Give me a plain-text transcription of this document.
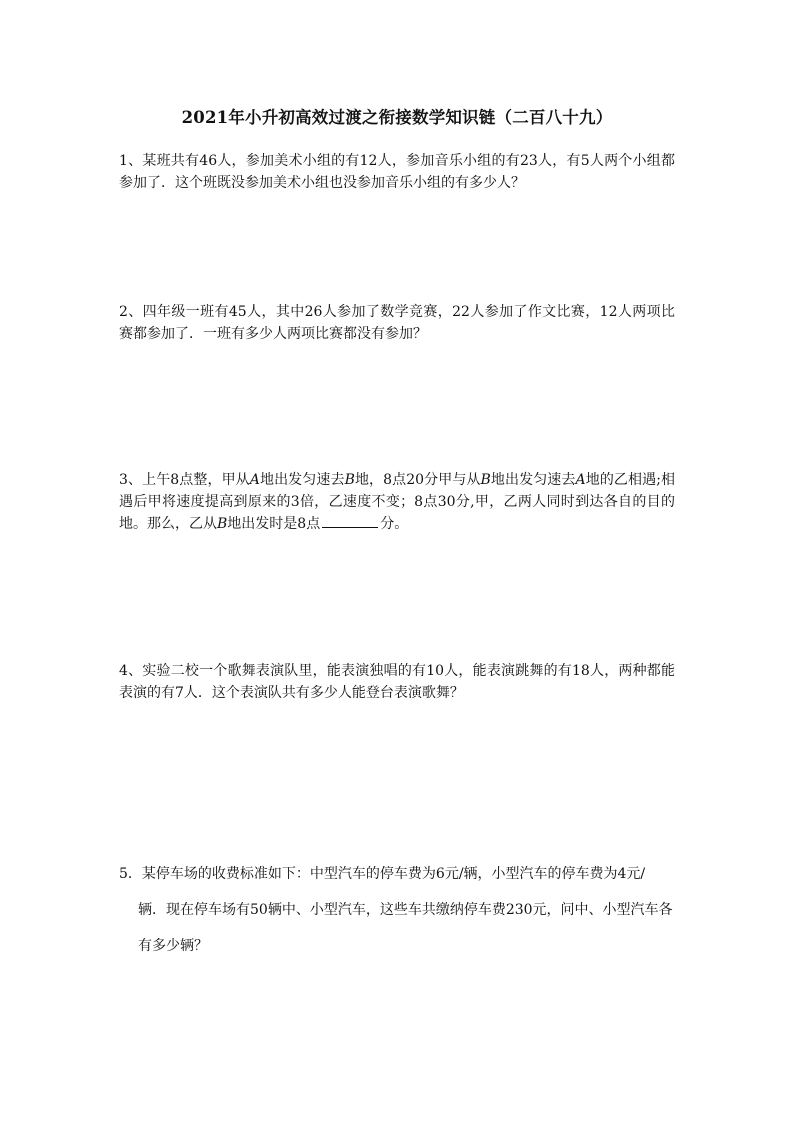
2021年小升初高效过渡之衔接数学知识链（二百八十九）
1、某班共有46人，参加美术小组的有12人，参加音乐小组的有23人，有5人两个小组都参加了．这个班既没参加美术小组也没参加音乐小组的有多少人？
2、四年级一班有45人，其中26人参加了数学竞赛，22人参加了作文比赛，12人两项比赛都参加了．一班有多少人两项比赛都没有参加？
3、上午8点整，甲从A地出发匀速去B地，8点20分甲与从B地出发匀速去A地的乙相遇;相遇后甲将速度提高到原来的3倍，乙速度不变；8点30分,甲，乙两人同时到达各自的目的地。那么，乙从B地出发时是8点	分。
4、实验二校一个歌舞表演队里，能表演独唱的有10人，能表演跳舞的有18人，两种都能表演的有7人．这个表演队共有多少人能登台表演歌舞？
5．某停车场的收费标准如下：中型汽车的停车费为6元/辆，小型汽车的停车费为4元/
辆．现在停车场有50辆中、小型汽车，这些车共缴纳停车费230元，问中、小型汽车各
有多少辆？
